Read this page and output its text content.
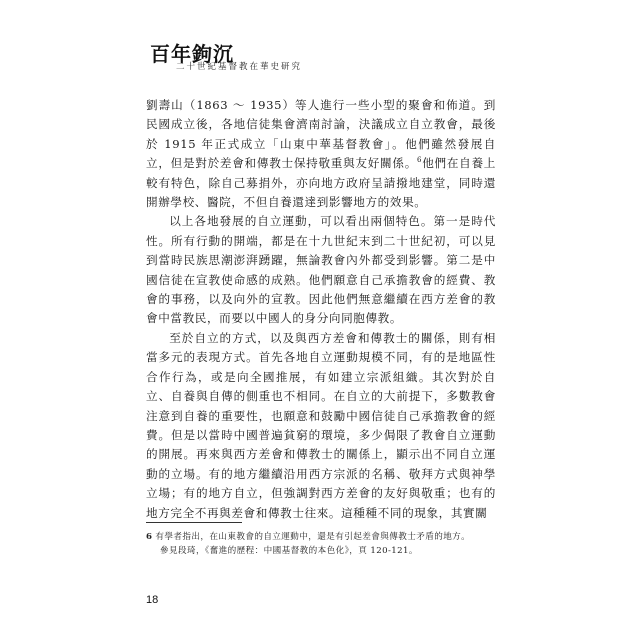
百年鉤沉
二十世紀基督教在華史研究

劉壽山（1863 ～ 1935）等人進行一些小型的聚會和佈道。到民國成立後，各地信徒集會濟南討論，決議成立自立教會，最後於 1915 年正式成立「山東中華基督教會」。他們雖然發展自立，但是對於差會和傳教士保持敬重與友好關係。$^6$他們在自養上較有特色，除自己募捐外，亦向地方政府呈請撥地建堂，同時還開辦學校、醫院，不但自養還達到影響地方的效果。

以上各地發展的自立運動，可以看出兩個特色。第一是時代性。所有行動的開端，都是在十九世紀末到二十世紀初，可以見到當時民族思潮澎湃踴躍，無論教會內外都受到影響。第二是中國信徒在宣教使命感的成熟。他們願意自己承擔教會的經費、教會的事務，以及向外的宣教。因此他們無意繼續在西方差會的教會中當教民，而要以中國人的身分向同胞傳教。

至於自立的方式，以及與西方差會和傳教士的關係，則有相當多元的表現方式。首先各地自立運動規模不同，有的是地區性合作行為，或是向全國推展，有如建立宗派組織。其次對於自立、自養與自傳的側重也不相同。在自立的大前提下，多數教會注意到自養的重要性，也願意和鼓勵中國信徒自己承擔教會的經費。但是以當時中國普遍貧窮的環境，多少侷限了教會自立運動的開展。再來與西方差會和傳教士的關係上，顯示出不同自立運動的立場。有的地方繼續沿用西方宗派的名稱、敬拜方式與神學立場；有的地方自立，但強調對西方差會的友好與敬重；也有的地方完全不再與差會和傳教士往來。這種種不同的現象，其實關

6 有學者指出，在山東教會的自立運動中，還是有引起差會與傳教士矛盾的地方。
參見段琦，《奮進的歷程：中國基督教的本色化》，頁 120-121。
18
